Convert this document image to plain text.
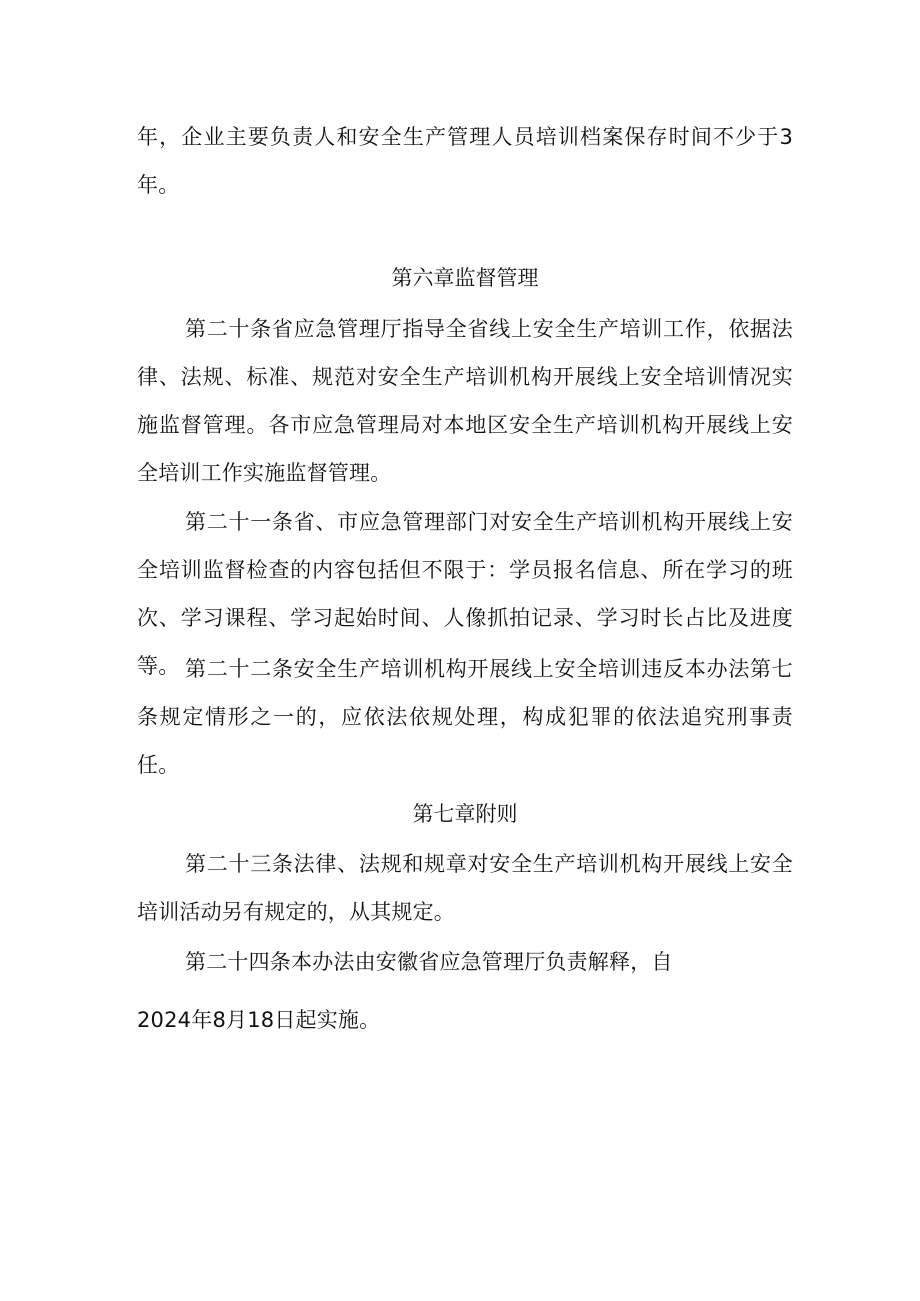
年，企业主要负责人和安全生产管理人员培训档案保存时间不少于3年。

第六章监督管理

第二十条省应急管理厅指导全省线上安全生产培训工作，依据法律、法规、标准、规范对安全生产培训机构开展线上安全培训情况实施监督管理。各市应急管理局对本地区安全生产培训机构开展线上安全培训工作实施监督管理。

第二十一条省、市应急管理部门对安全生产培训机构开展线上安全培训监督检查的内容包括但不限于：学员报名信息、所在学习的班次、学习课程、学习起始时间、人像抓拍记录、学习时长占比及进度等。 第二十二条安全生产培训机构开展线上安全培训违反本办法第七条规定情形之一的，应依法依规处理，构成犯罪的依法追究刑事责任。

第七章附则

第二十三条法律、法规和规章对安全生产培训机构开展线上安全培训活动另有规定的，从其规定。

第二十四条本办法由安徽省应急管理厅负责解释，自

2024年8月18日起实施。
